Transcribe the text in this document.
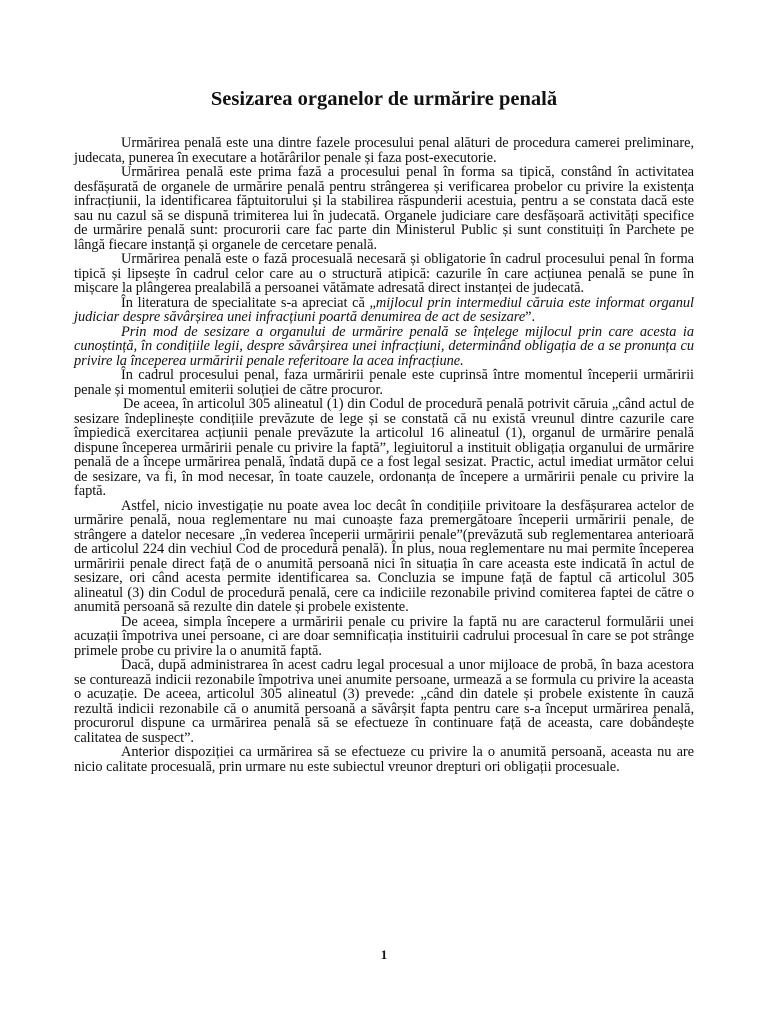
Sesizarea organelor de urmărire penală

Urmărirea penală este una dintre fazele procesului penal alături de procedura camerei preliminare, judecata, punerea în executare a hotărârilor penale și faza post-executorie.

Urmărirea penală este prima fază a procesului penal în forma sa tipică, constând în activitatea desfășurată de organele de urmărire penală pentru strângerea și verificarea probelor cu privire la existența infracțiunii, la identificarea făptuitorului și la stabilirea răspunderii acestuia, pentru a se constata dacă este sau nu cazul să se dispună trimiterea lui în judecată. Organele judiciare care desfășoară activități specifice de urmărire penală sunt: procurorii care fac parte din Ministerul Public și sunt constituiți în Parchete pe lângă fiecare instanță și organele de cercetare penală.

Urmărirea penală este o fază procesuală necesară și obligatorie în cadrul procesului penal în forma tipică și lipsește în cadrul celor care au o structură atipică: cazurile în care acțiunea penală se pune în mișcare la plângerea prealabilă a persoanei vătămate adresată direct instanței de judecată.

În literatura de specialitate s-a apreciat că „mijlocul prin intermediul căruia este informat organul judiciar despre săvârșirea unei infracțiuni poartă denumirea de act de sesizare”.

Prin mod de sesizare a organului de urmărire penală se înțelege mijlocul prin care acesta ia cunoștință, în condițiile legii, despre săvârșirea unei infracțiuni, determinând obligația de a se pronunța cu privire la începerea urmăririi penale referitoare la acea infracțiune.

În cadrul procesului penal, faza urmăririi penale este cuprinsă între momentul începerii urmăririi penale și momentul emiterii soluției de către procuror.

De aceea, în articolul 305 alineatul (1) din Codul de procedură penală potrivit căruia „când actul de sesizare îndeplinește condițiile prevăzute de lege și se constată că nu există vreunul dintre cazurile care împiedică exercitarea acțiunii penale prevăzute la articolul 16 alineatul (1), organul de urmărire penală dispune începerea urmăririi penale cu privire la faptă”, legiuitorul a instituit obligația organului de urmărire penală de a începe urmărirea penală, îndată după ce a fost legal sesizat. Practic, actul imediat următor celui de sesizare, va fi, în mod necesar, în toate cauzele, ordonanța de începere a urmăririi penale cu privire la faptă.

Astfel, nicio investigație nu poate avea loc decât în condițiile privitoare la desfășurarea actelor de urmărire penală, noua reglementare nu mai cunoaște faza premergătoare începerii urmăririi penale, de strângere a datelor necesare „în vederea începerii urmăririi penale”(prevăzută sub reglementarea anterioară de articolul 224 din vechiul Cod de procedură penală). În plus, noua reglementare nu mai permite începerea urmăririi penale direct față de o anumită persoană nici în situația în care aceasta este indicată în actul de sesizare, ori când acesta permite identificarea sa. Concluzia se impune față de faptul că articolul 305 alineatul (3) din Codul de procedură penală, cere ca indiciile rezonabile privind comiterea faptei de către o anumită persoană să rezulte din datele și probele existente.

De aceea, simpla începere a urmăririi penale cu privire la faptă nu are caracterul formulării unei acuzații împotriva unei persoane, ci are doar semnificația instituirii cadrului procesual în care se pot strânge primele probe cu privire la o anumită faptă.

Dacă, după administrarea în acest cadru legal procesual a unor mijloace de probă, în baza acestora se conturează indicii rezonabile împotriva unei anumite persoane, urmează a se formula cu privire la aceasta o acuzație. De aceea, articolul 305 alineatul (3) prevede: „când din datele și probele existente în cauză rezultă indicii rezonabile că o anumită persoană a săvârșit fapta pentru care s-a început urmărirea penală, procurorul dispune ca urmărirea penală să se efectueze în continuare față de aceasta, care dobândește calitatea de suspect”.

Anterior dispoziției ca urmărirea să se efectueze cu privire la o anumită persoană, aceasta nu are nicio calitate procesuală, prin urmare nu este subiectul vreunor drepturi ori obligații procesuale.

1
